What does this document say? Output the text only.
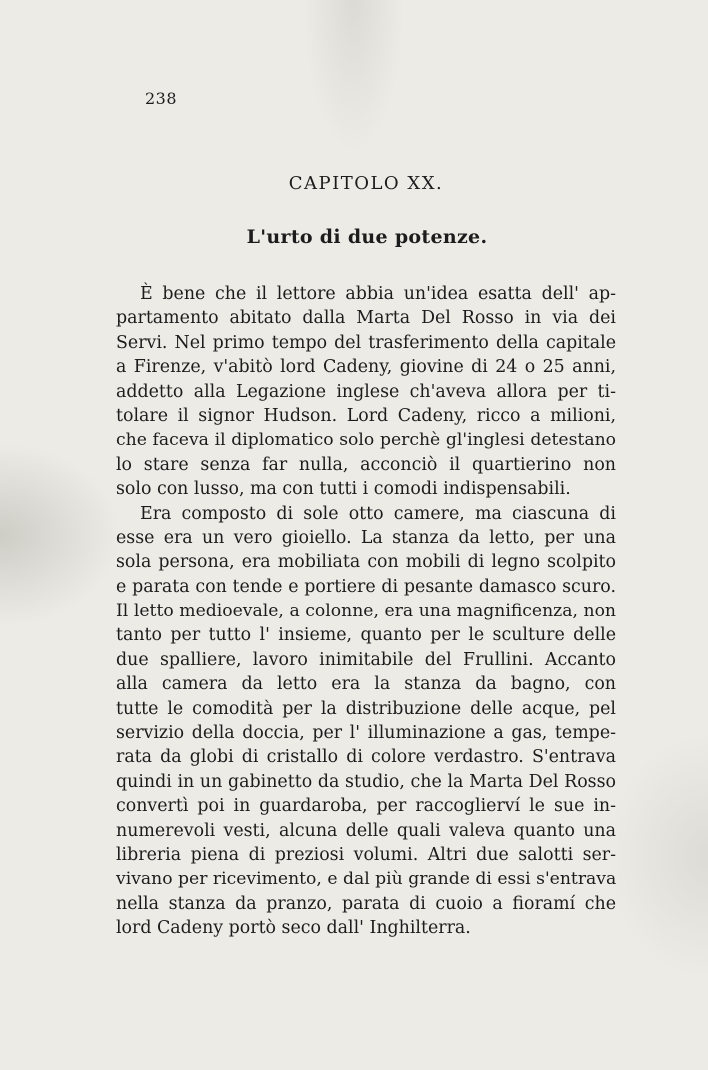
238
CAPITOLO XX.
L'urto di due potenze.
È bene che il lettore abbia un'idea esatta dell' ap-
partamento abitato dalla Marta Del Rosso in via dei
Servi. Nel primo tempo del trasferimento della capitale
a Firenze, v'abitò lord Cadeny, giovine di 24 o 25 anni,
addetto alla Legazione inglese ch'aveva allora per ti-
tolare il signor Hudson. Lord Cadeny, ricco a milioni,
che faceva il diplomatico solo perchè gl'inglesi detestano
lo stare senza far nulla, acconciò il quartierino non
solo con lusso, ma con tutti i comodi indispensabili.
Era composto di sole otto camere, ma ciascuna di
esse era un vero gioiello. La stanza da letto, per una
sola persona, era mobiliata con mobili di legno scolpito
e parata con tende e portiere di pesante damasco scuro.
Il letto medioevale, a colonne, era una magnificenza, non
tanto per tutto l' insieme, quanto per le sculture delle
due spalliere, lavoro inimitabile del Frullini. Accanto
alla camera da letto era la stanza da bagno, con
tutte le comodità per la distribuzione delle acque, pel
servizio della doccia, per l' illuminazione a gas, tempe-
rata da globi di cristallo di colore verdastro. S'entrava
quindi in un gabinetto da studio, che la Marta Del Rosso
convertì poi in guardaroba, per raccoglierví le sue in-
numerevoli vesti, alcuna delle quali valeva quanto una
libreria piena di preziosi volumi. Altri due salotti ser-
vivano per ricevimento, e dal più grande di essi s'entrava
nella stanza da pranzo, parata di cuoio a fioramí che
lord Cadeny portò seco dall' Inghilterra.
